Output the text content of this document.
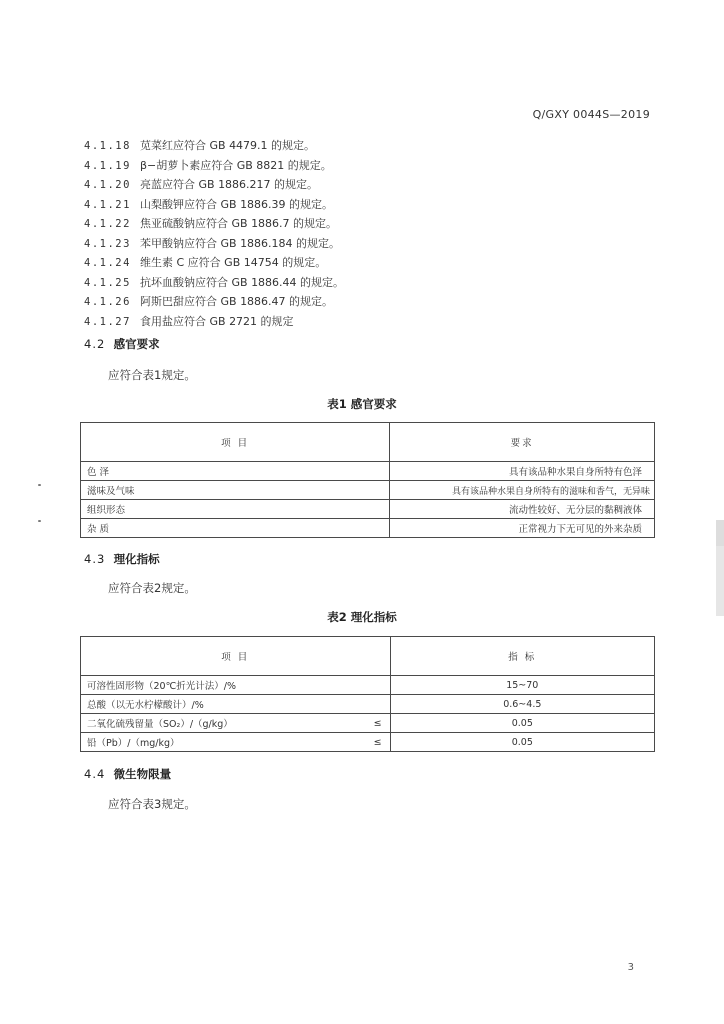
Q/GXY 0044S—2019
4.1.18 苋菜红应符合 GB 4479.1 的规定。
4.1.19 β−胡萝卜素应符合 GB 8821 的规定。
4.1.20 亮蓝应符合 GB 1886.217 的规定。
4.1.21 山梨酸钾应符合 GB 1886.39 的规定。
4.1.22 焦亚硫酸钠应符合 GB 1886.7 的规定。
4.1.23 苯甲酸钠应符合 GB 1886.184 的规定。
4.1.24 维生素 C 应符合 GB 14754 的规定。
4.1.25 抗坏血酸钠应符合 GB 1886.44 的规定。
4.1.26 阿斯巴甜应符合 GB 1886.47 的规定。
4.1.27 食用盐应符合 GB 2721 的规定
4.2 感官要求
应符合表1规定。
表1 感官要求
项 目	要求
色 泽	具有该品种水果自身所特有色泽
滋味及气味	具有该品种水果自身所特有的滋味和香气，无异味
组织形态	流动性较好、无分层的黏稠液体
杂 质	正常视力下无可见的外来杂质
4.3 理化指标
应符合表2规定。
表2 理化指标
项 目	指 标

可溶性固形物（20℃折光计法）/%	15~70

总酸（以无水柠檬酸计）/%	0.6~4.5

二氧化硫残留量（SO₂）/（g/kg） ≤	0.05

铅（Pb）/（mg/kg） ≤	0.05
4.4 微生物限量
应符合表3规定。
3
